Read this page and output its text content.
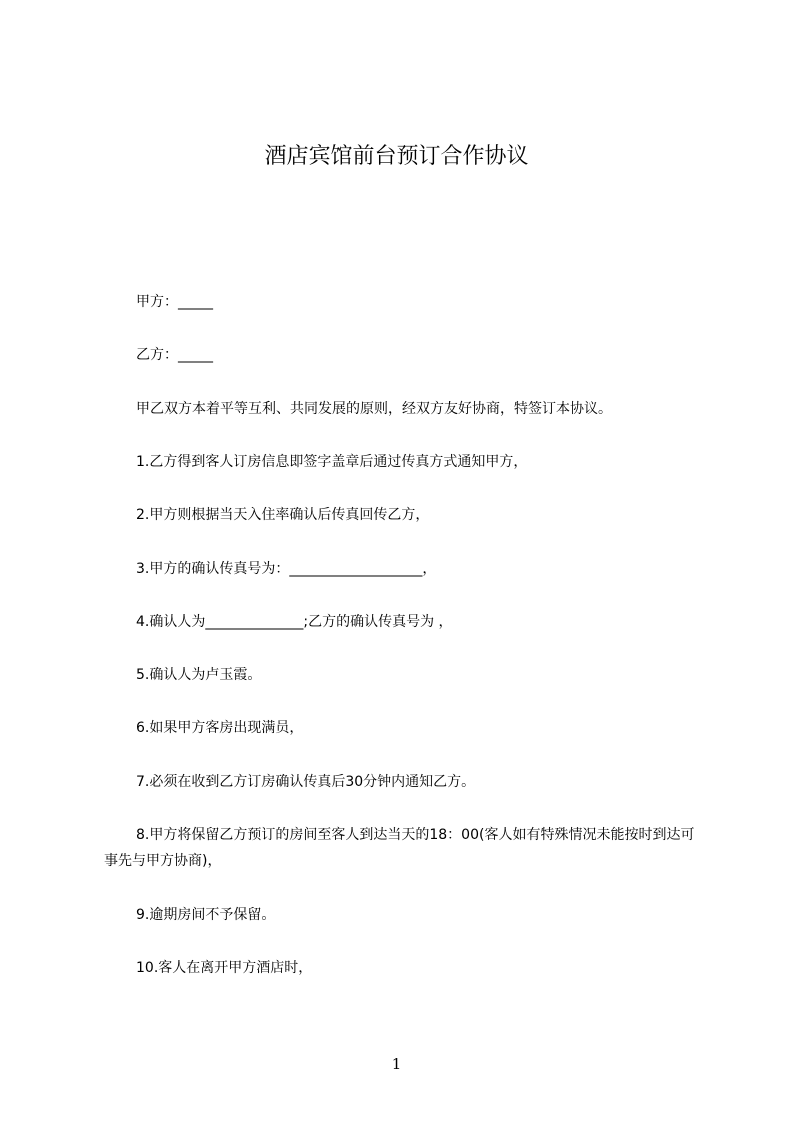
酒店宾馆前台预订合作协议
甲方：_____
乙方：_____
甲乙双方本着平等互利、共同发展的原则，经双方友好协商，特签订本协议。
1.乙方得到客人订房信息即签字盖章后通过传真方式通知甲方，
2.甲方则根据当天入住率确认后传真回传乙方，
3.甲方的确认传真号为：___________________，
4.确认人为______________;乙方的确认传真号为 ，
5.确认人为卢玉霞。
6.如果甲方客房出现满员，
7.必须在收到乙方订房确认传真后30分钟内通知乙方。
8.甲方将保留乙方预订的房间至客人到达当天的18：00(客人如有特殊情况未能按时到达可事先与甲方协商)，
9.逾期房间不予保留。
10.客人在离开甲方酒店时，
1
